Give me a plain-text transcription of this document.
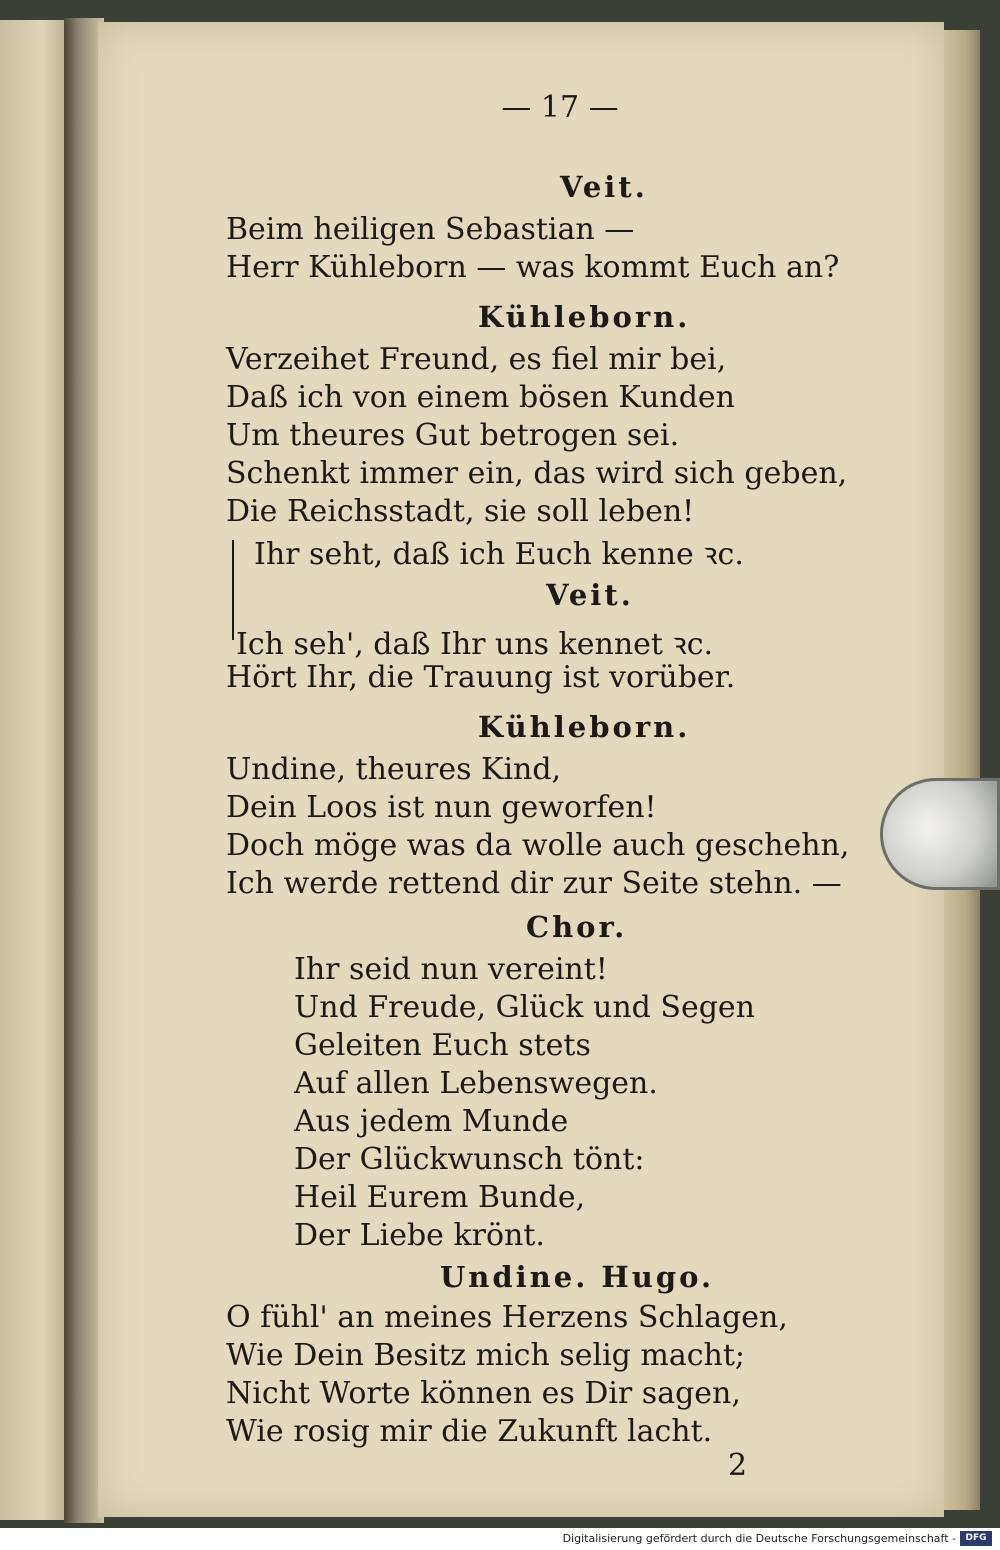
— 17 —
Veit.
Beim heiligen Sebastian —
Herr Kühleborn — was kommt Euch an?
Kühleborn.
Verzeihet Freund, es fiel mir bei,
Daß ich von einem bösen Kunden
Um theures Gut betrogen sei.
Schenkt immer ein, das wird sich geben,
Die Reichsstadt, sie soll leben!
Ihr seht, daß ich Euch kenne ꝛc.
Veit.
Ich seh', daß Ihr uns kennet ꝛc.
Hört Ihr, die Trauung ist vorüber.
Kühleborn.
Undine, theures Kind,
Dein Loos ist nun geworfen!
Doch möge was da wolle auch geschehn,
Ich werde rettend dir zur Seite stehn. —
Chor.
Ihr seid nun vereint!
Und Freude, Glück und Segen
Geleiten Euch stets
Auf allen Lebenswegen.
Aus jedem Munde
Der Glückwunsch tönt:
Heil Eurem Bunde,
Der Liebe krönt.
Undine. Hugo.
O fühl' an meines Herzens Schlagen,
Wie Dein Besitz mich selig macht;
Nicht Worte können es Dir sagen,
Wie rosig mir die Zukunft lacht.
2
Digitalisierung gefördert durch die Deutsche Forschungsgemeinschaft -	DFG
